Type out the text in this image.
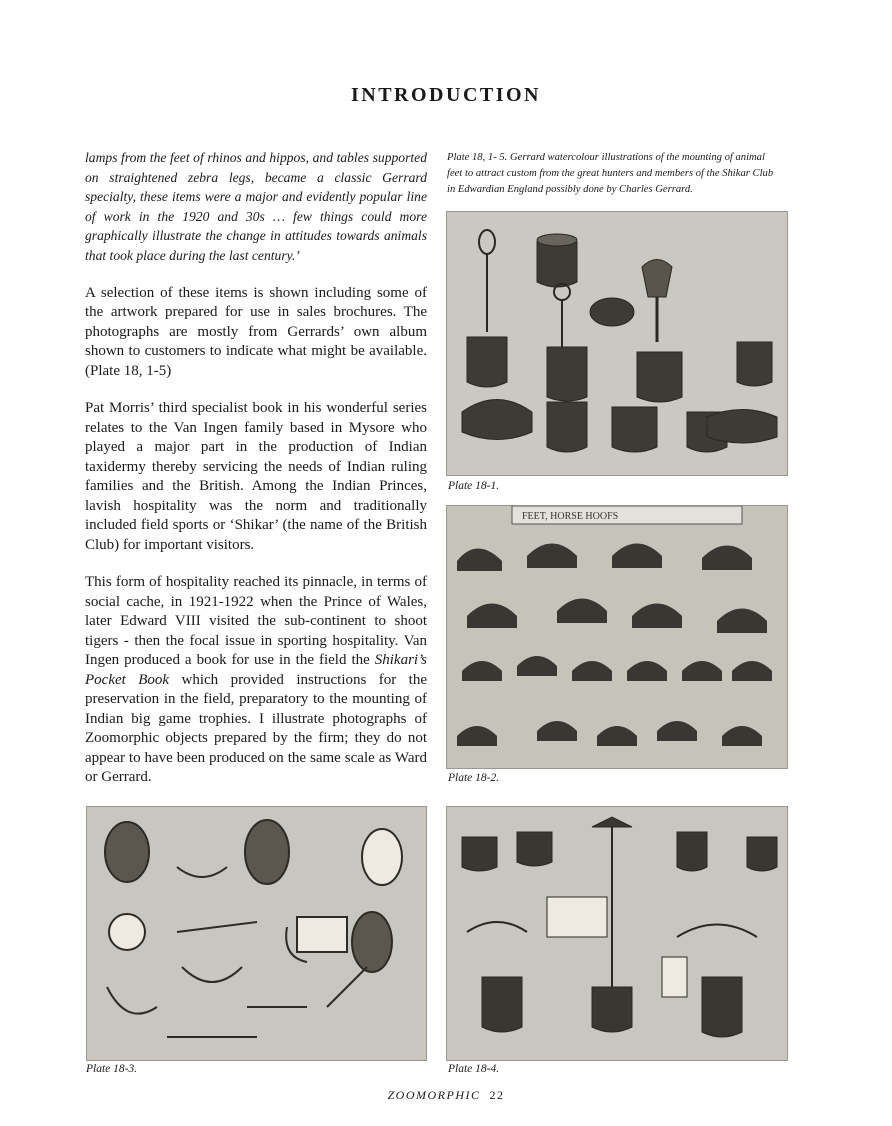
INTRODUCTION

lamps from the feet of rhinos and hippos, and tables supported on straightened zebra legs, became a classic Gerrard specialty, these items were a major and evidently popular line of work in the 1920 and 30s … few things could more graphically illustrate the change in attitudes towards animals that took place during the last century.’

A selection of these items is shown including some of the artwork prepared for use in sales brochures. The photographs are mostly from Gerrards’ own album shown to customers to indicate what might be available. (Plate 18, 1-5)

Pat Morris’ third specialist book in his wonderful series relates to the Van Ingen family based in Mysore who played a major part in the production of Indian taxidermy thereby servicing the needs of Indian ruling families and the British. Among the Indian Princes, lavish hospitality was the norm and traditionally included field sports or ‘Shikar’ (the name of the British Club) for important visitors.

This form of hospitality reached its pinnacle, in terms of social cache, in 1921-1922 when the Prince of Wales, later Edward VIII visited the sub-continent to shoot tigers - then the focal issue in sporting hospitality. Van Ingen produced a book for use in the field the Shikari’s Pocket Book which provided instructions for the preservation in the field, preparatory to the mounting of Indian big game trophies. I illustrate photographs of Zoomorphic objects prepared by the firm; they do not appear to have been produced on the same scale as Ward or Gerrard.

Plate 18, 1- 5. Gerrard watercolour illustrations of the mounting of animal feet to attract custom from the great hunters and members of the Shikar Club in Edwardian England possibly done by Charles Gerrard.
Plate 18-1.
FEET, HORSE HOOFS
Plate 18-2.
Plate 18-3.	Plate 18-4.
ZOOMORPHIC 22
